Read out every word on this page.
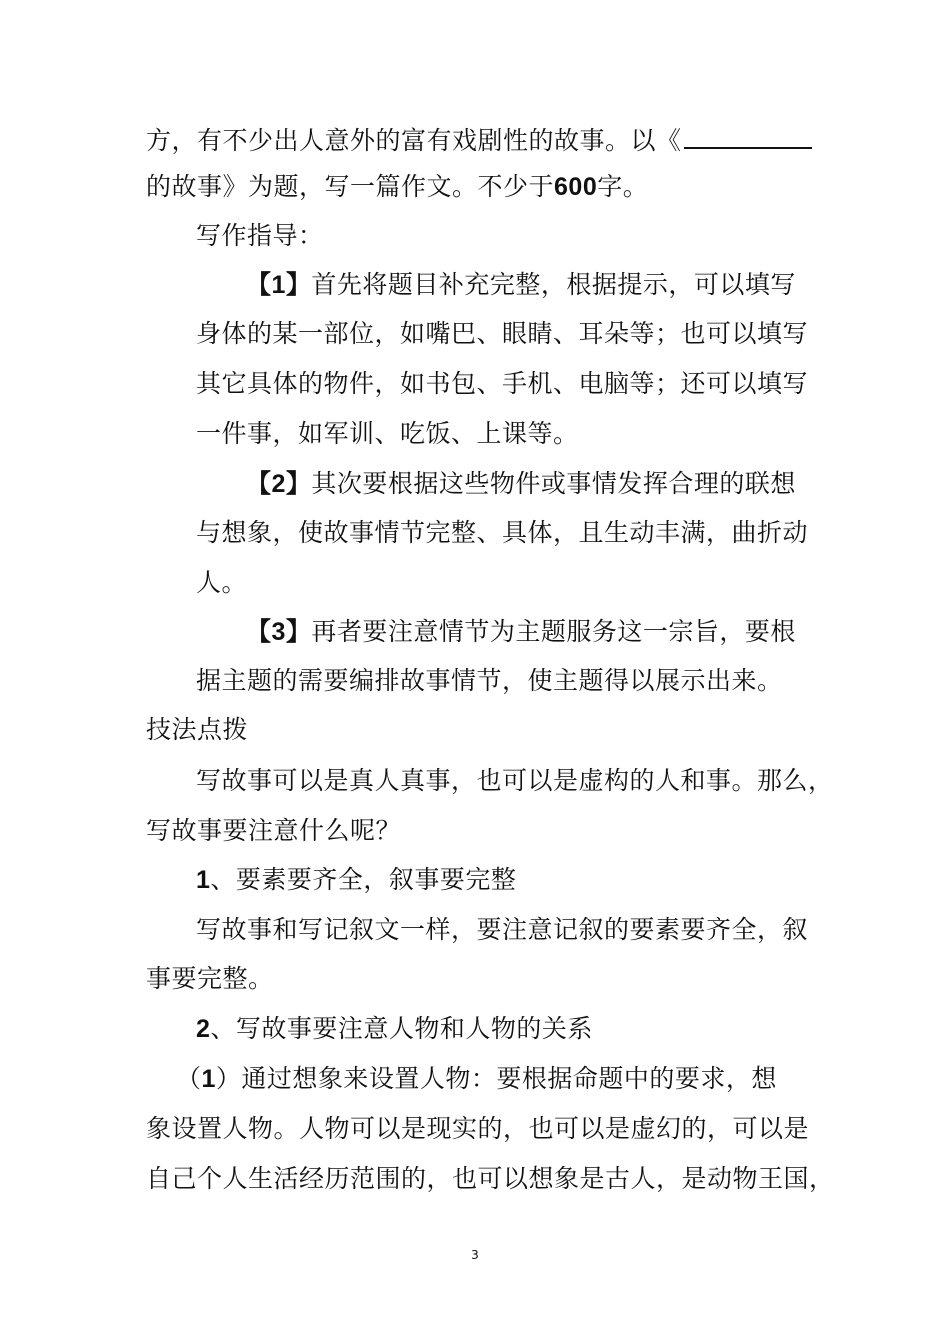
方，有不少出人意外的富有戏剧性的故事。以《
的故事》为题，写一篇作文。不少于600字。
写作指导：
【1】首先将题目补充完整，根据提示，可以填写
身体的某一部位，如嘴巴、眼睛、耳朵等；也可以填写
其它具体的物件，如书包、手机、电脑等；还可以填写
一件事，如军训、吃饭、上课等。
【2】其次要根据这些物件或事情发挥合理的联想
与想象，使故事情节完整、具体，且生动丰满，曲折动
人。
【3】再者要注意情节为主题服务这一宗旨，要根
据主题的需要编排故事情节，使主题得以展示出来。
技法点拨
写故事可以是真人真事，也可以是虚构的人和事。那么，
写故事要注意什么呢？
1、要素要齐全，叙事要完整
写故事和写记叙文一样，要注意记叙的要素要齐全，叙
事要完整。
2、写故事要注意人物和人物的关系
（1）通过想象来设置人物：要根据命题中的要求，想
象设置人物。人物可以是现实的，也可以是虚幻的，可以是
自己个人生活经历范围的，也可以想象是古人，是动物王国，
3
